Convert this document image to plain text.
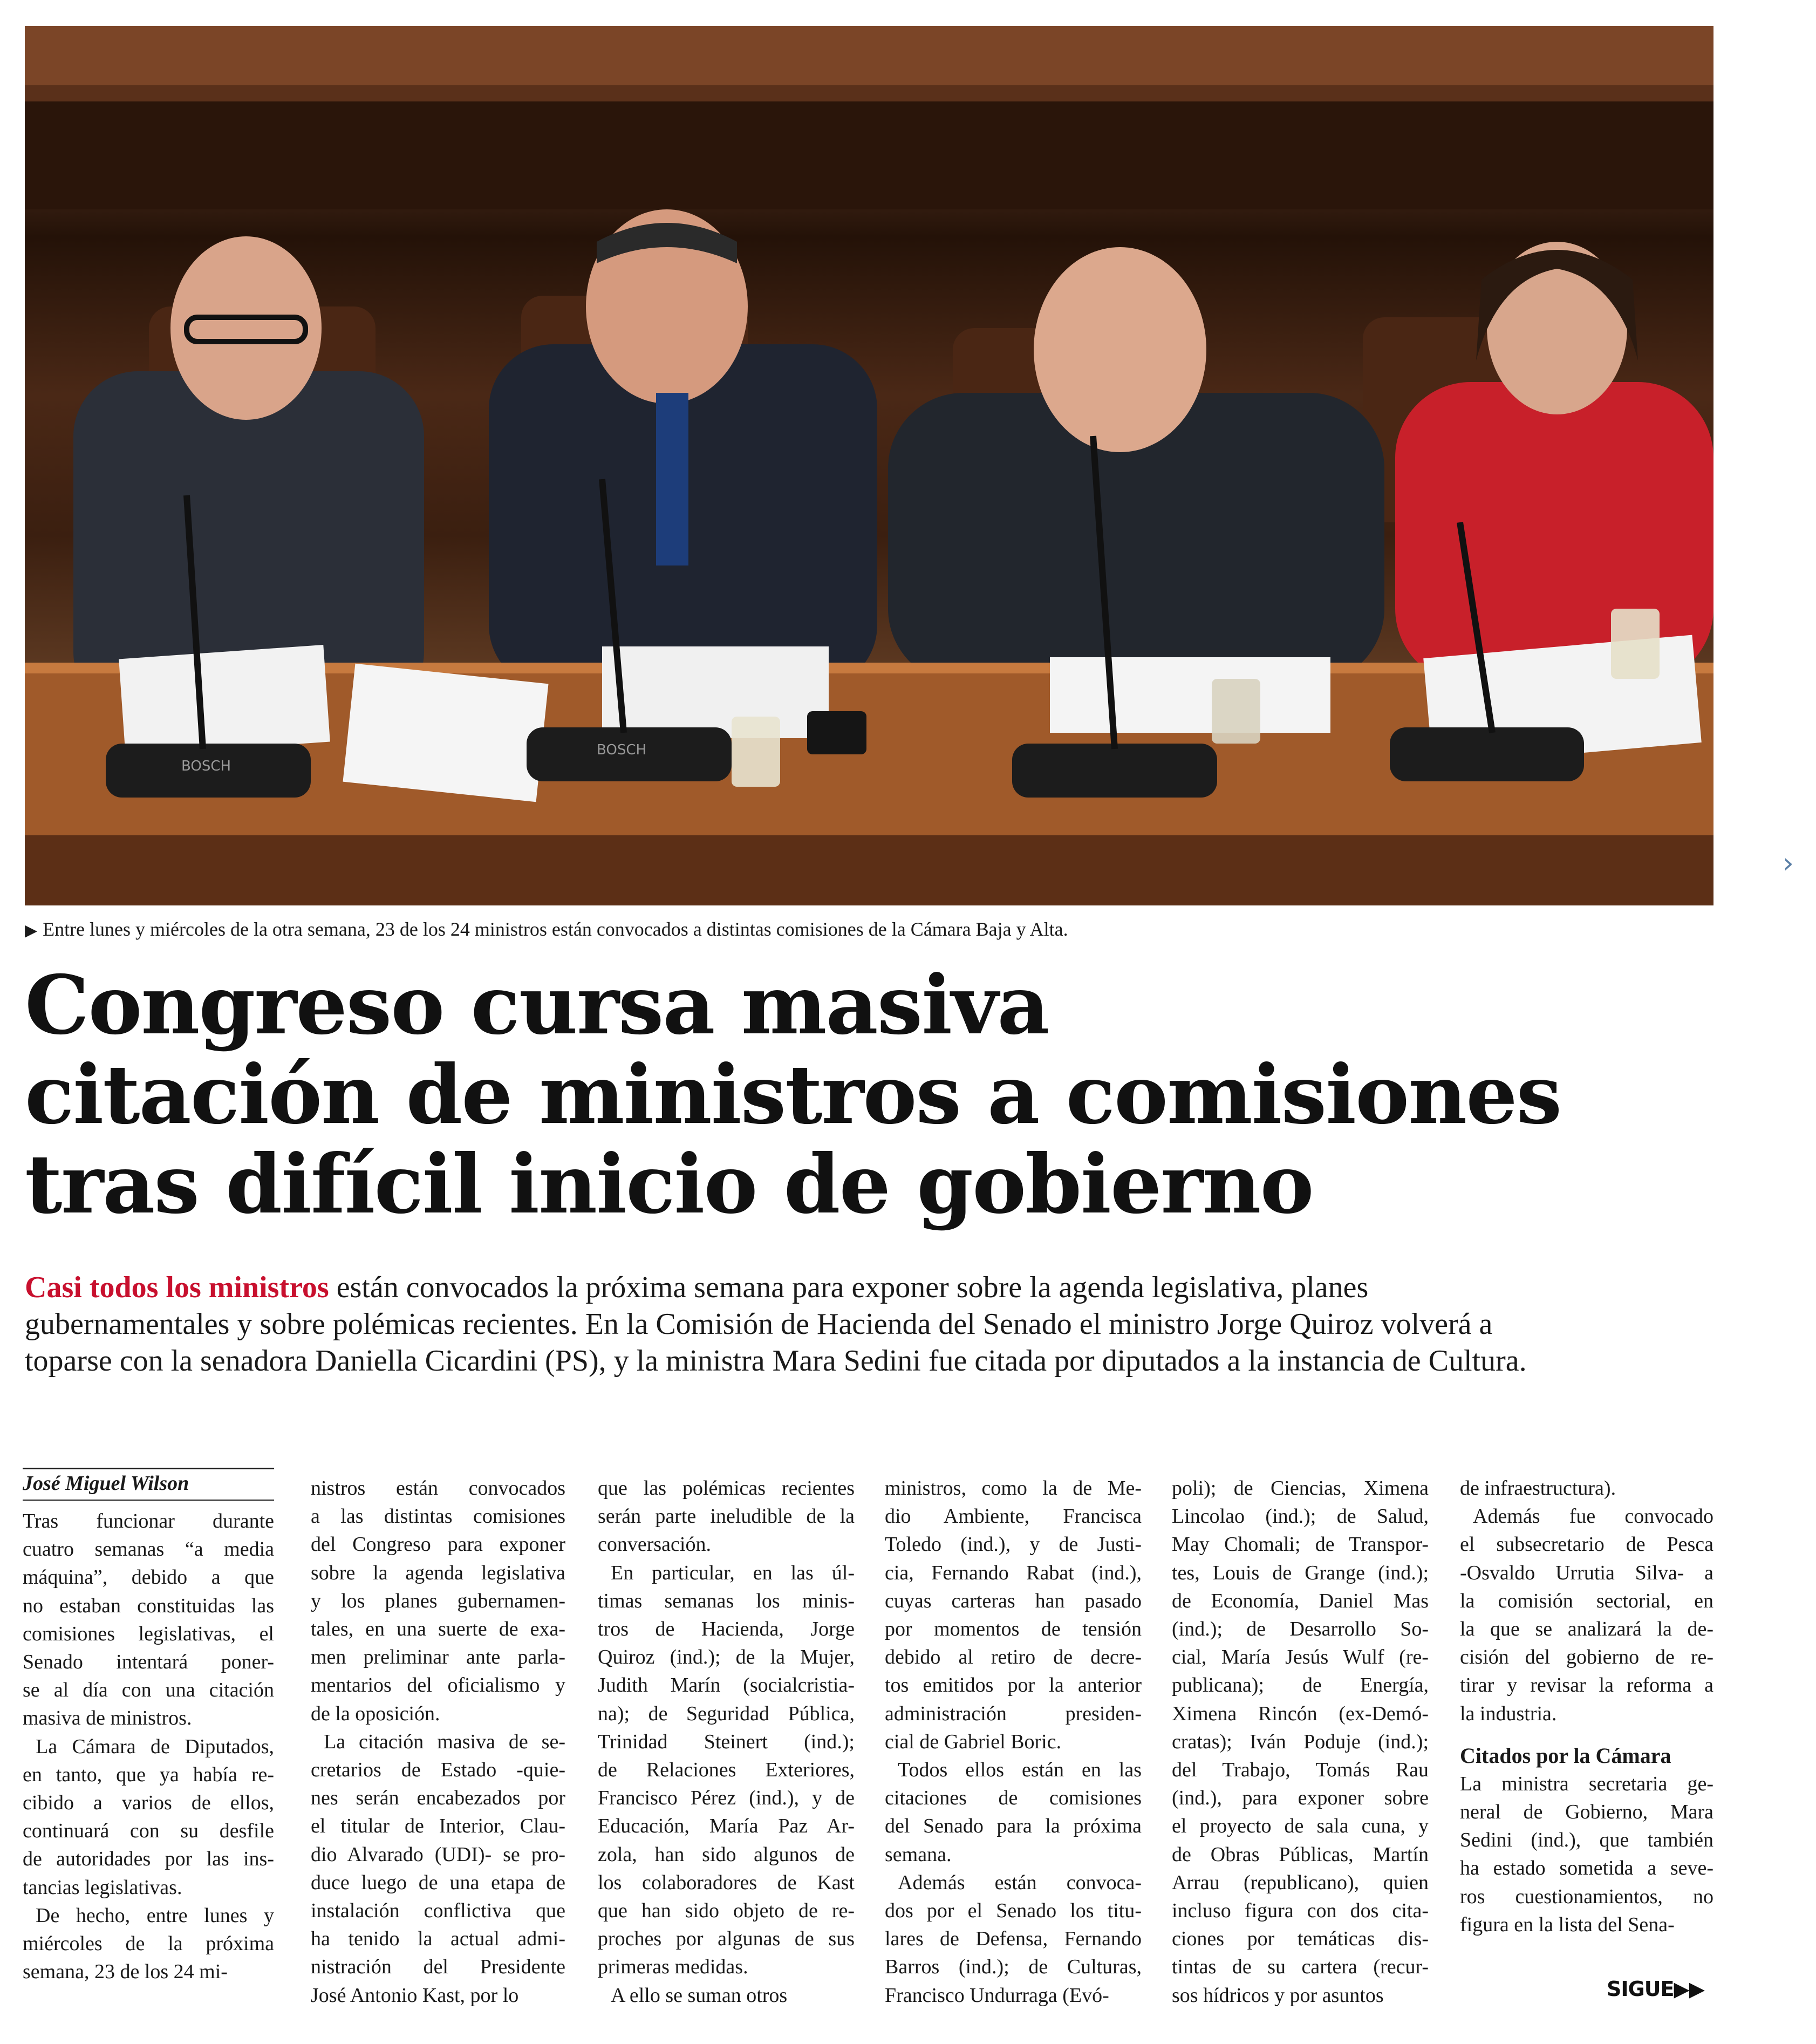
BOSCH
BOSCH
›
▶ Entre lunes y miércoles de la otra semana, 23 de los 24 ministros están convocados a distintas comisiones de la Cámara Baja y Alta.
Congreso cursa masiva
citación de ministros a comisiones
tras difícil inicio de gobierno
Casi todos los ministros están convocados la próxima semana para exponer sobre la agenda legislativa, planes
gubernamentales y sobre polémicas recientes. En la Comisión de Hacienda del Senado el ministro Jorge Quiroz volverá a
toparse con la senadora Daniella Cicardini (PS), y la ministra Mara Sedini fue citada por diputados a la instancia de Cultura.
José Miguel Wilson
Tras funcionar durante
cuatro semanas “a media
máquina”, debido a que
no estaban constituidas las
comisiones legislativas, el
Senado intentará poner-
se al día con una citación
masiva de ministros.
La Cámara de Diputados,
en tanto, que ya había re-
cibido a varios de ellos,
continuará con su desfile
de autoridades por las ins-
tancias legislativas.
De hecho, entre lunes y
miércoles de la próxima
semana, 23 de los 24 mi-
nistros están convocados
a las distintas comisiones
del Congreso para exponer
sobre la agenda legislativa
y los planes gubernamen-
tales, en una suerte de exa-
men preliminar ante parla-
mentarios del oficialismo y
de la oposición.
La citación masiva de se-
cretarios de Estado -quie-
nes serán encabezados por
el titular de Interior, Clau-
dio Alvarado (UDI)- se pro-
duce luego de una etapa de
instalación conflictiva que
ha tenido la actual admi-
nistración del Presidente
José Antonio Kast, por lo
que las polémicas recientes
serán parte ineludible de la
conversación.
En particular, en las úl-
timas semanas los minis-
tros de Hacienda, Jorge
Quiroz (ind.); de la Mujer,
Judith Marín (socialcristia-
na); de Seguridad Pública,
Trinidad Steinert (ind.);
de Relaciones Exteriores,
Francisco Pérez (ind.), y de
Educación, María Paz Ar-
zola, han sido algunos de
los colaboradores de Kast
que han sido objeto de re-
proches por algunas de sus
primeras medidas.
A ello se suman otros
ministros, como la de Me-
dio Ambiente, Francisca
Toledo (ind.), y de Justi-
cia, Fernando Rabat (ind.),
cuyas carteras han pasado
por momentos de tensión
debido al retiro de decre-
tos emitidos por la anterior
administración presiden-
cial de Gabriel Boric.
Todos ellos están en las
citaciones de comisiones
del Senado para la próxima
semana.
Además están convoca-
dos por el Senado los titu-
lares de Defensa, Fernando
Barros (ind.); de Culturas,
Francisco Undurraga (Evó-
poli); de Ciencias, Ximena
Lincolao (ind.); de Salud,
May Chomali; de Transpor-
tes, Louis de Grange (ind.);
de Economía, Daniel Mas
(ind.); de Desarrollo So-
cial, María Jesús Wulf (re-
publicana); de Energía,
Ximena Rincón (ex-Demó-
cratas); Iván Poduje (ind.);
del Trabajo, Tomás Rau
(ind.), para exponer sobre
el proyecto de sala cuna, y
de Obras Públicas, Martín
Arrau (republicano), quien
incluso figura con dos cita-
ciones por temáticas dis-
tintas de su cartera (recur-
sos hídricos y por asuntos
de infraestructura).
Además fue convocado
el subsecretario de Pesca
-Osvaldo Urrutia Silva- a
la comisión sectorial, en
la que se analizará la de-
cisión del gobierno de re-
tirar y revisar la reforma a
la industria.
Citados por la Cámara
La ministra secretaria ge-
neral de Gobierno, Mara
Sedini (ind.), que también
ha estado sometida a seve-
ros cuestionamientos, no
figura en la lista del Sena-
SIGUE▶▶
